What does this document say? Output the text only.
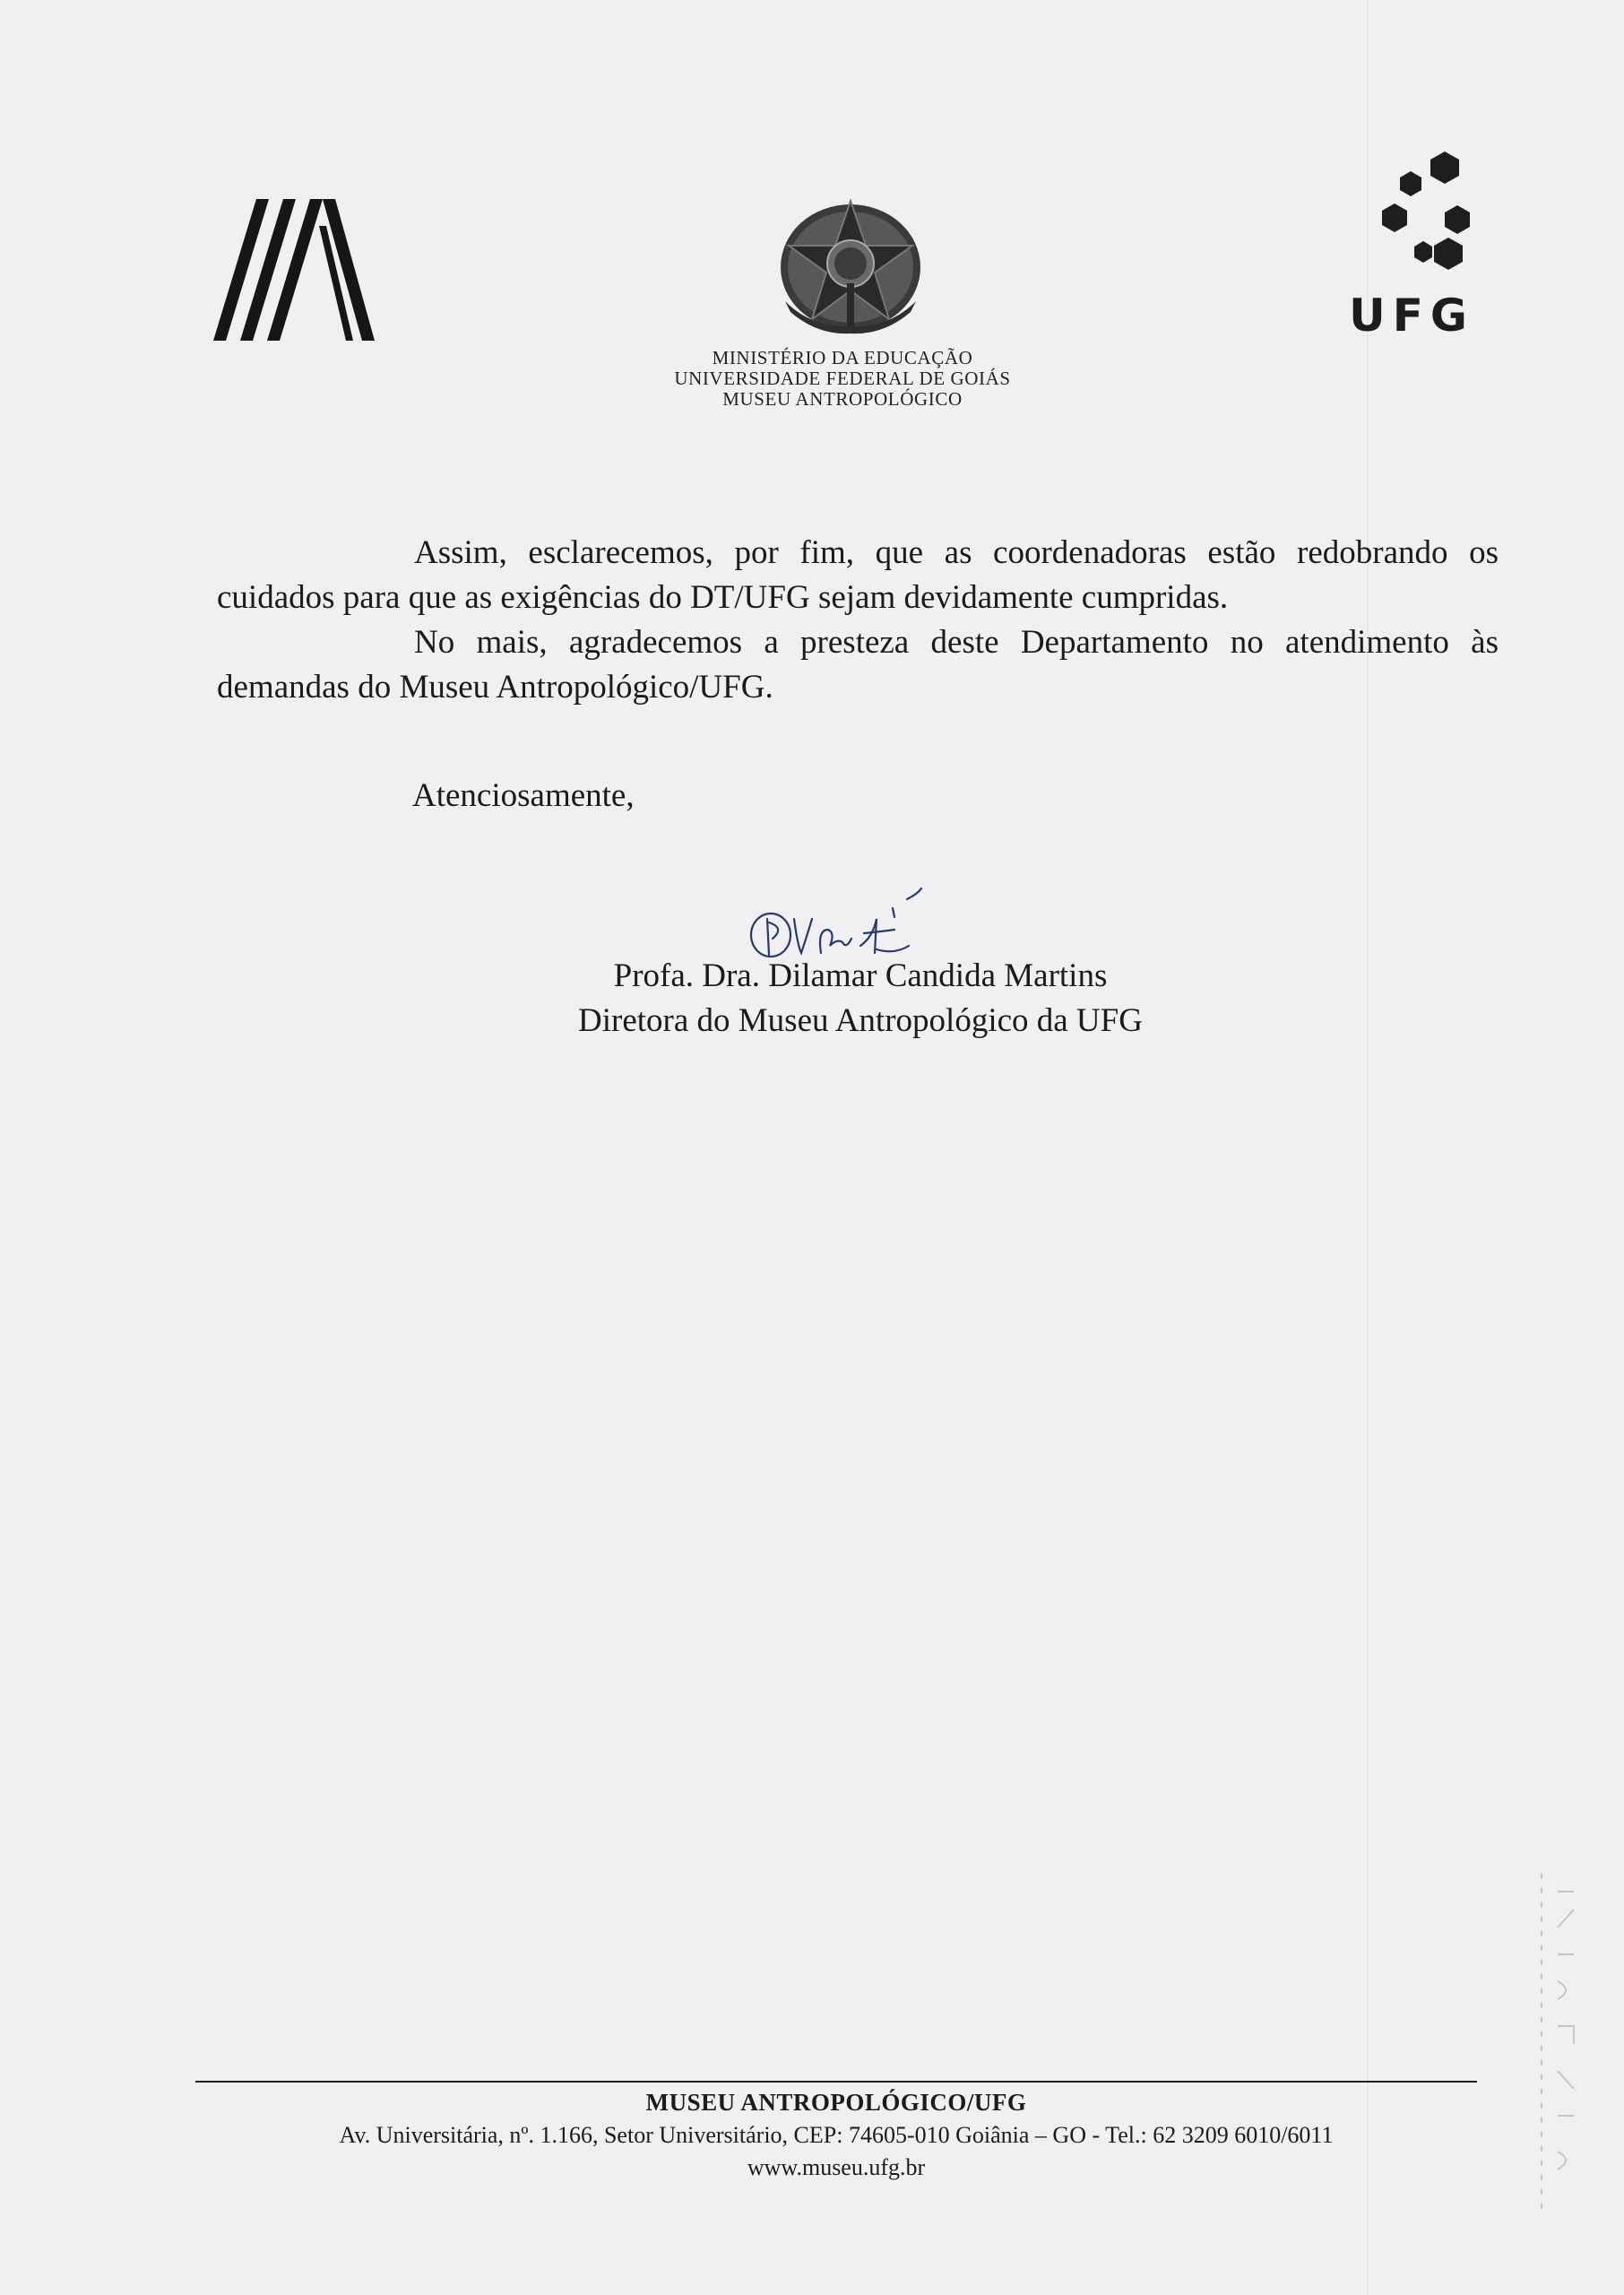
UFG
MINISTÉRIO DA EDUCAÇÃO
UNIVERSIDADE FEDERAL DE GOIÁS
MUSEU ANTROPOLÓGICO

Assim, esclarecemos, por fim, que as coordenadoras estão redobrando os cuidados para que as exigências do DT/UFG sejam devidamente cumpridas.

No mais, agradecemos a presteza deste Departamento no atendimento às demandas do Museu Antropológico/UFG.

Atenciosamente,
Profa. Dra. Dilamar Candida Martins
Diretora do Museu Antropológico da UFG
MUSEU ANTROPOLÓGICO/UFG
Av. Universitária, nº. 1.166, Setor Universitário, CEP: 74605-010 Goiânia – GO - Tel.: 62 3209 6010/6011
www.museu.ufg.br
